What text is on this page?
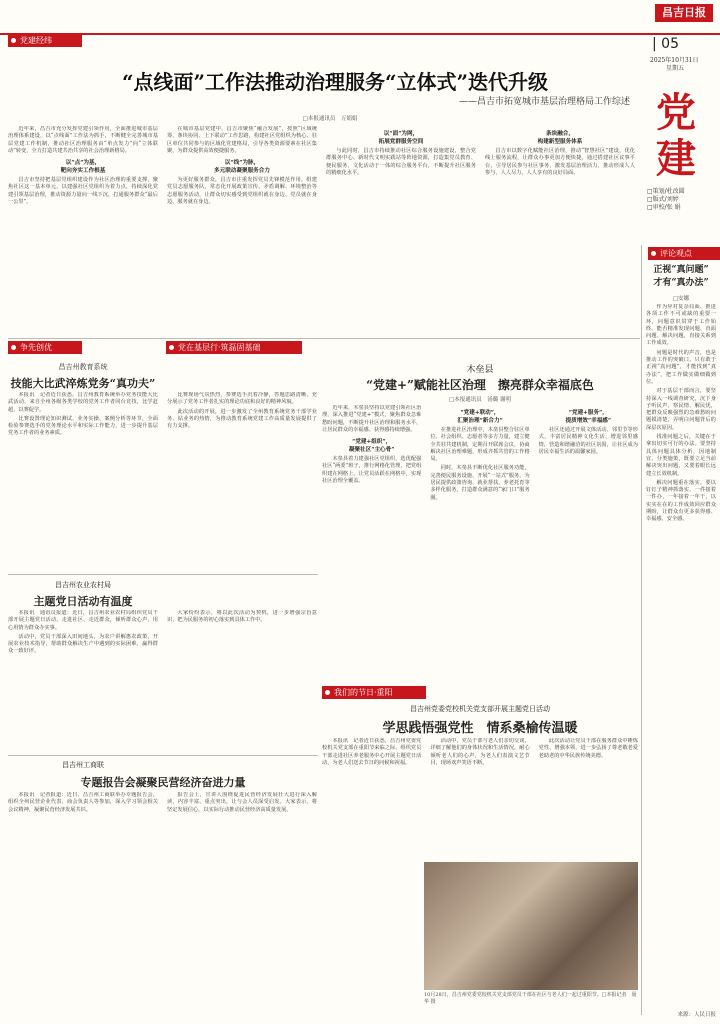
昌吉日报
| 05
2025年10月31日
星期五
党建经纬
党
建
□策划/杜改圆
□版式/刘婷
□审校/张 娟
“点线面”工作法推动治理服务“立体式”迭代升级
——昌吉市拓宽城市基层治理格局工作综述
□本报通讯员　万娟娟

近年来，昌吉市充分发挥党建引领作用，全面推进城市基层治理体系建设，以“点线面”工作法为抓手，不断健全完善城市基层党建工作机制，推动社区治理服务由“单点发力”向“立体联动”转变，全力打造共建共治共享的社会治理新格局。

以“点”为基，
靶向夯实工作根基

昌吉市坚持把基层党组织建设作为社区治理的重要支撑，聚焦社区这一基本单元，以建强社区党组织为着力点，持续深化党建引领基层治理，推动资源力量向一线下沉，打通服务群众“最后一公里”。

在城市基层党建中，昌吉市聚焦“融合发展”，按照“区域统筹、条块协同、上下联动”工作思路，构建社区党组织为核心、驻区单位共同参与的区域化党建格局，引导各类资源要素在社区集聚，为群众提供高效便捷服务。

以“线”为脉，
多元联动凝聚服务合力

为更好服务群众，昌吉市注重发挥党员先锋模范作用，组建党员志愿服务队，常态化开展政策宣传、矛盾调解、环境整治等志愿服务活动，让群众切实感受到党组织就在身边、党员就在身边、服务就在身边。

以“面”为网，
拓展党群服务空间

与此同时，昌吉市持续推动社区综合服务设施建设，整合党群服务中心、新时代文明实践站等阵地资源，打造集党员教育、便民服务、文化活动于一体的综合服务平台，不断提升社区服务的精细化水平。

条块融合，
构建新型服务体系

昌吉市以数字化赋能社区治理，推动“智慧社区”建设，优化线上服务流程，让群众办事更加方便快捷。通过搭建社区议事平台，引导居民参与社区事务，激发基层治理活力，推动形成人人参与、人人尽力、人人享有的良好局面。

评论观点
正视“真问题”
才有“真办法”
□安娜

作为应对复杂局面、推进各项工作不可或缺的重要一环，问题意识贯穿于工作始终。能否精准发现问题、直面问题、解决问题，直接关系到工作成效。

问题是时代的声音，也是推动工作的突破口。只有敢于正视“真问题”，才能找到“真办法”，把工作做实做细做到位。

对于基层干部而言，要坚持深入一线调查研究，沉下身子听民声、察民情、解民忧，把群众反映强烈的急难愁盼问题摸清楚，弄明白问题背后的深层次原因。

找准问题之后，关键在于拿出切实可行的办法。要坚持具体问题具体分析，因地制宜、分类施策，既要立足当前解决突出问题，又要着眼长远建立长效机制。

解决问题重在落实。要以钉钉子精神抓落实，一件接着一件办，一年接着一年干，以实实在在的工作成效回应群众期盼，让群众有更多获得感、幸福感、安全感。

争先创优	党在基层行·筑磊固基础
昌吉州教育系统
技能大比武淬炼党务“真功夫”

本报讯　记者近日获悉，昌吉州教育系统举办党务技能大比武活动，来自全州各级各类学校的党务工作者同台竞技，比学赶超、以赛促学。

比赛设置理论知识测试、业务实操、案例分析等环节，全面检验参赛选手的党务理论水平和实际工作能力，进一步提升基层党务工作者的业务素质。

比赛现场气氛热烈，参赛选手沉着冷静，答题思路清晰，充分展示了党务工作者扎实的理论功底和良好的精神风貌。

此次活动的开展，进一步激发了全州教育系统党务干部学业务、钻业务的热情，为推动教育系统党建工作高质量发展提供了有力支撑。

木垒县
“党建+”赋能社区治理　擦亮群众幸福底色
□本报通讯员　汤璐 谢明

近年来，木垒县坚持以党建引领社区治理，深入推进“党建+”模式，聚焦群众急难愁盼问题，不断提升社区治理和服务水平，让居民群众的幸福感、获得感持续增强。

“党建+组织”，
凝聚社区“主心骨”

木垒县着力建强社区党组织，选优配强社区“两委”班子，推行网格化管理，把党组织建在网格上，让党员活跃在网格中，实现社区治理全覆盖。

“党建+联动”，
汇聚治理“新合力”

在推进社区治理中，木垒县整合驻区单位、社会组织、志愿者等多方力量，建立健全共驻共建机制，定期召开联席会议，协商解决社区治理难题，形成齐抓共管的工作格局。

同时，木垒县不断优化社区服务功能，完善便民服务设施，开展“一站式”服务，为居民提供政策咨询、就业帮扶、养老托育等多样化服务，打造群众满意的“家门口”服务圈。

“党建+服务”，
提质增效“幸福感”

社区还通过开展文体活动、邻里节等形式，丰富居民精神文化生活，增进邻里感情，营造和谐融洽的社区氛围，让社区成为居民幸福生活的温馨家园。

昌吉州农业农村局
主题党日活动有温度

本报讯　通讯员报道：近日，昌吉州农业农村局组织党员干部开展主题党日活动，走进社区、走近群众，倾听群众心声，用心用情为群众办实事。

活动中，党员干部深入田间地头，为农户讲解惠农政策，开展农业技术指导，帮助群众解决生产中遇到的实际困难，赢得群众一致好评。

大家纷纷表示，将以此次活动为契机，进一步增强宗旨意识，把为民服务的初心落实到具体工作中。

我们的节日·重阳
昌吉州党委党校机关党支部开展主题党日活动
学思践悟强党性　情系桑榆传温暖

本报讯　记者近日获悉，昌吉州党委党校机关党支部在重阳节来临之际，组织党员干部走进社区养老服务中心开展主题党日活动，为老人们送去节日的问候和祝福。

活动中，党员干部与老人们亲切交谈，详细了解他们的身体状况和生活情况，耐心倾听老人们的心声，为老人们表演文艺节目，现场欢声笑语不断。

此次活动让党员干部在服务群众中锤炼党性、增强本领，进一步弘扬了尊老敬老爱老助老的中华民族传统美德。

10月28日，昌吉州党委党校机关党支部党员干部在社区与老人们一起过重阳节。□本报记者　聂华 摄
昌吉州工商联
专题报告会凝聚民营经济奋进力量

本报讯　记者报道：近日，昌吉州工商联举办专题报告会，组织全州民营企业代表、商会负责人等参加，深入学习领会相关会议精神，凝聚民营经济发展共识。

报告会上，宣讲人围绕促进民营经济发展壮大进行深入解读，内容丰富、重点突出，让与会人员深受启发。大家表示，将坚定发展信心，以实际行动推动民营经济高质量发展。

来源：人民日报
